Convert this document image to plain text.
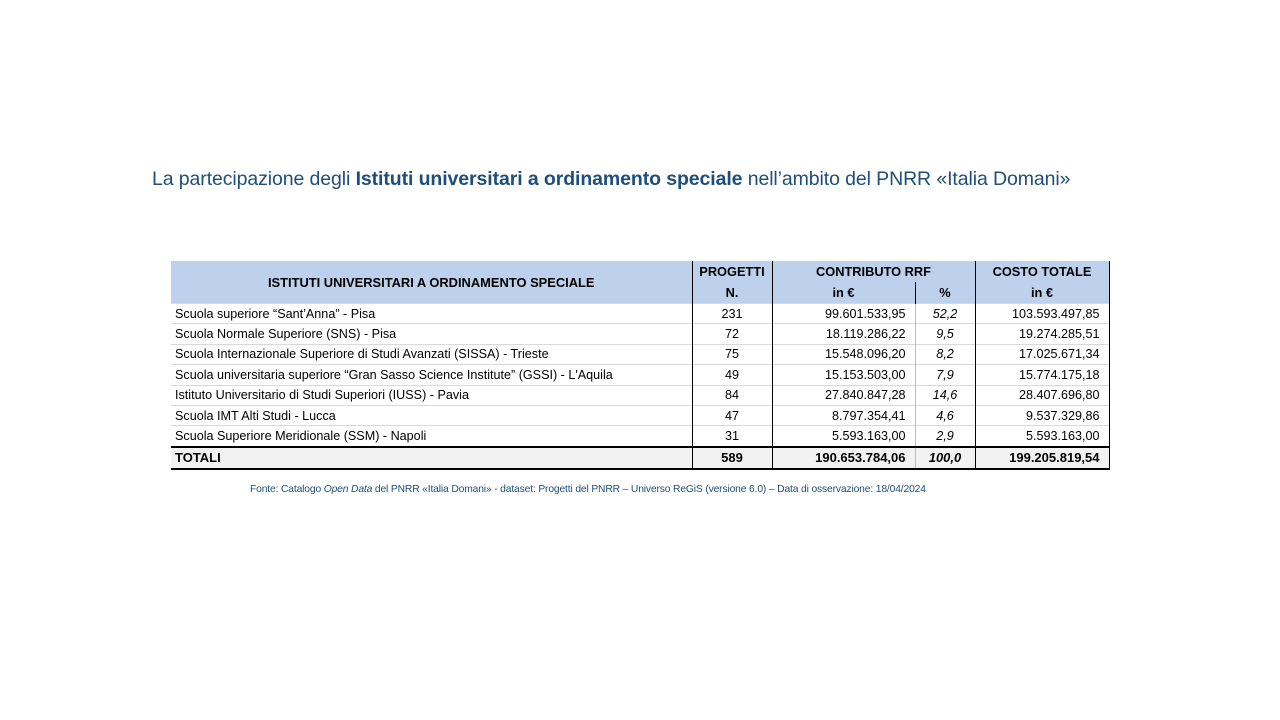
La partecipazione degli Istituti universitari a ordinamento speciale nell’ambito del PNRR «Italia Domani»
ISTITUTI UNIVERSITARI A ORDINAMENTO SPECIALE	PROGETTI	CONTRIBUTO RRF		COSTO TOTALE
	N.	in €	%	in €
Scuola superiore “Sant’Anna” - Pisa	231	99.601.533,95	52,2	103.593.497,85
Scuola Normale Superiore (SNS) - Pisa	72	18.119.286,22	9,5	19.274.285,51
Scuola Internazionale Superiore di Studi Avanzati (SISSA) - Trieste	75	15.548.096,20	8,2	17.025.671,34
Scuola universitaria superiore “Gran Sasso Science Institute” (GSSI) - L'Aquila	49	15.153.503,00	7,9	15.774.175,18
Istituto Universitario di Studi Superiori (IUSS) - Pavia	84	27.840.847,28	14,6	28.407.696,80
Scuola IMT Alti Studi - Lucca	47	8.797.354,41	4,6	9.537.329,86
Scuola Superiore Meridionale (SSM) - Napoli	31	5.593.163,00	2,9	5.593.163,00
TOTALI	589	190.653.784,06	100,0	199.205.819,54
Fonte: Catalogo Open Data del PNRR «Italia Domani» - dataset: Progetti del PNRR – Universo ReGiS (versione 6.0) – Data di osservazione: 18/04/2024
